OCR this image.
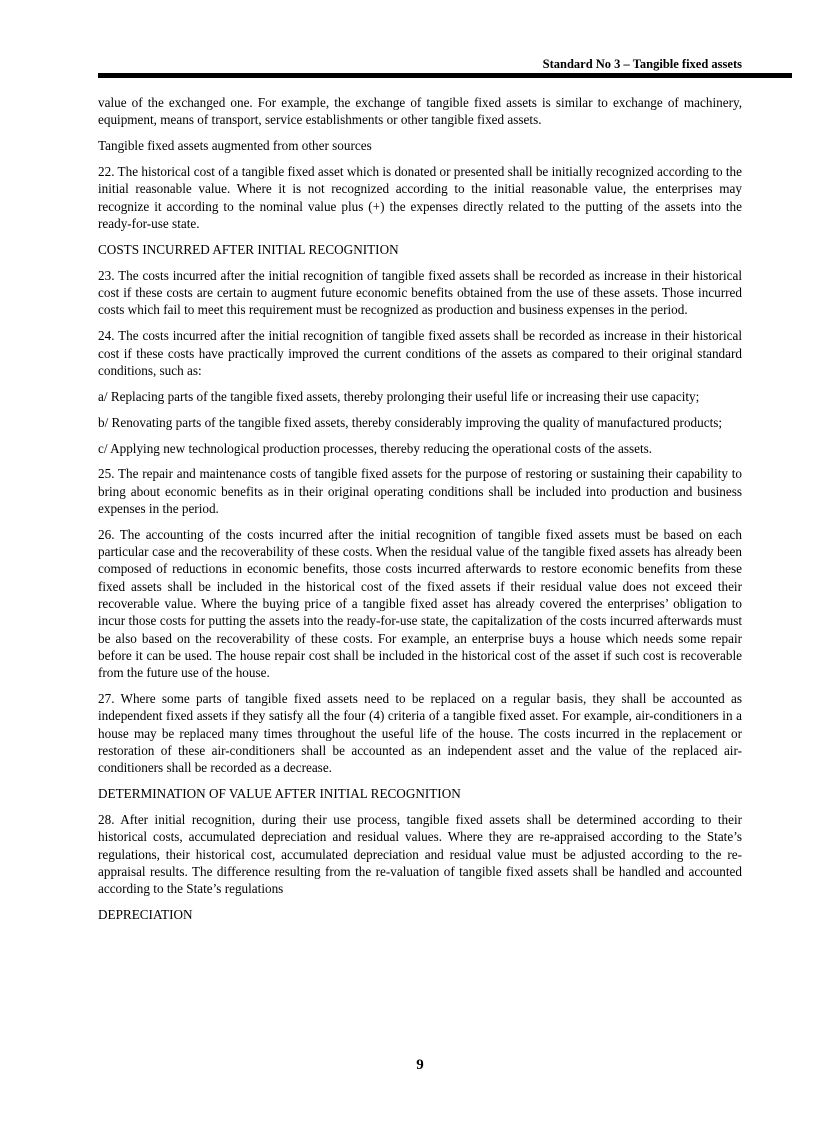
Standard No 3 – Tangible fixed assets

value of the exchanged one. For example, the exchange of tangible fixed assets is similar to exchange of machinery, equipment, means of transport, service establishments or other tangible fixed assets.

Tangible fixed assets augmented from other sources

22. The historical cost of a tangible fixed asset which is donated or presented shall be initially recognized according to the initial reasonable value. Where it is not recognized according to the initial reasonable value, the enterprises may recognize it according to the nominal value plus (+) the expenses directly related to the putting of the assets into the ready-for-use state.

COSTS INCURRED AFTER INITIAL RECOGNITION

23. The costs incurred after the initial recognition of tangible fixed assets shall be recorded as increase in their historical cost if these costs are certain to augment future economic benefits obtained from the use of these assets. Those incurred costs which fail to meet this requirement must be recognized as production and business expenses in the period.

24. The costs incurred after the initial recognition of tangible fixed assets shall be recorded as increase in their historical cost if these costs have practically improved the current conditions of the assets as compared to their original standard conditions, such as:

a/ Replacing parts of the tangible fixed assets, thereby prolonging their useful life or increasing their use capacity;

b/ Renovating parts of the tangible fixed assets, thereby considerably improving the quality of manufactured products;

c/ Applying new technological production processes, thereby reducing the operational costs of the assets.

25. The repair and maintenance costs of tangible fixed assets for the purpose of restoring or sustaining their capability to bring about economic benefits as in their original operating conditions shall be included into production and business expenses in the period.

26. The accounting of the costs incurred after the initial recognition of tangible fixed assets must be based on each particular case and the recoverability of these costs. When the residual value of the tangible fixed assets has already been composed of reductions in economic benefits, those costs incurred afterwards to restore economic benefits from these fixed assets shall be included in the historical cost of the fixed assets if their residual value does not exceed their recoverable value. Where the buying price of a tangible fixed asset has already covered the enterprises’ obligation to incur those costs for putting the assets into the ready-for-use state, the capitalization of the costs incurred afterwards must be also based on the recoverability of these costs. For example, an enterprise buys a house which needs some repair before it can be used. The house repair cost shall be included in the historical cost of the asset if such cost is recoverable from the future use of the house.

27. Where some parts of tangible fixed assets need to be replaced on a regular basis, they shall be accounted as independent fixed assets if they satisfy all the four (4) criteria of a tangible fixed asset. For example, air-conditioners in a house may be replaced many times throughout the useful life of the house. The costs incurred in the replacement or restoration of these air-conditioners shall be accounted as an independent asset and the value of the replaced air-conditioners shall be recorded as a decrease.

DETERMINATION OF VALUE AFTER INITIAL RECOGNITION

28. After initial recognition, during their use process, tangible fixed assets shall be determined according to their historical costs, accumulated depreciation and residual values. Where they are re-appraised according to the State’s regulations, their historical cost, accumulated depreciation and residual value must be adjusted according to the re-appraisal results. The difference resulting from the re-valuation of tangible fixed assets shall be handled and accounted according to the State’s regulations

DEPRECIATION

9
